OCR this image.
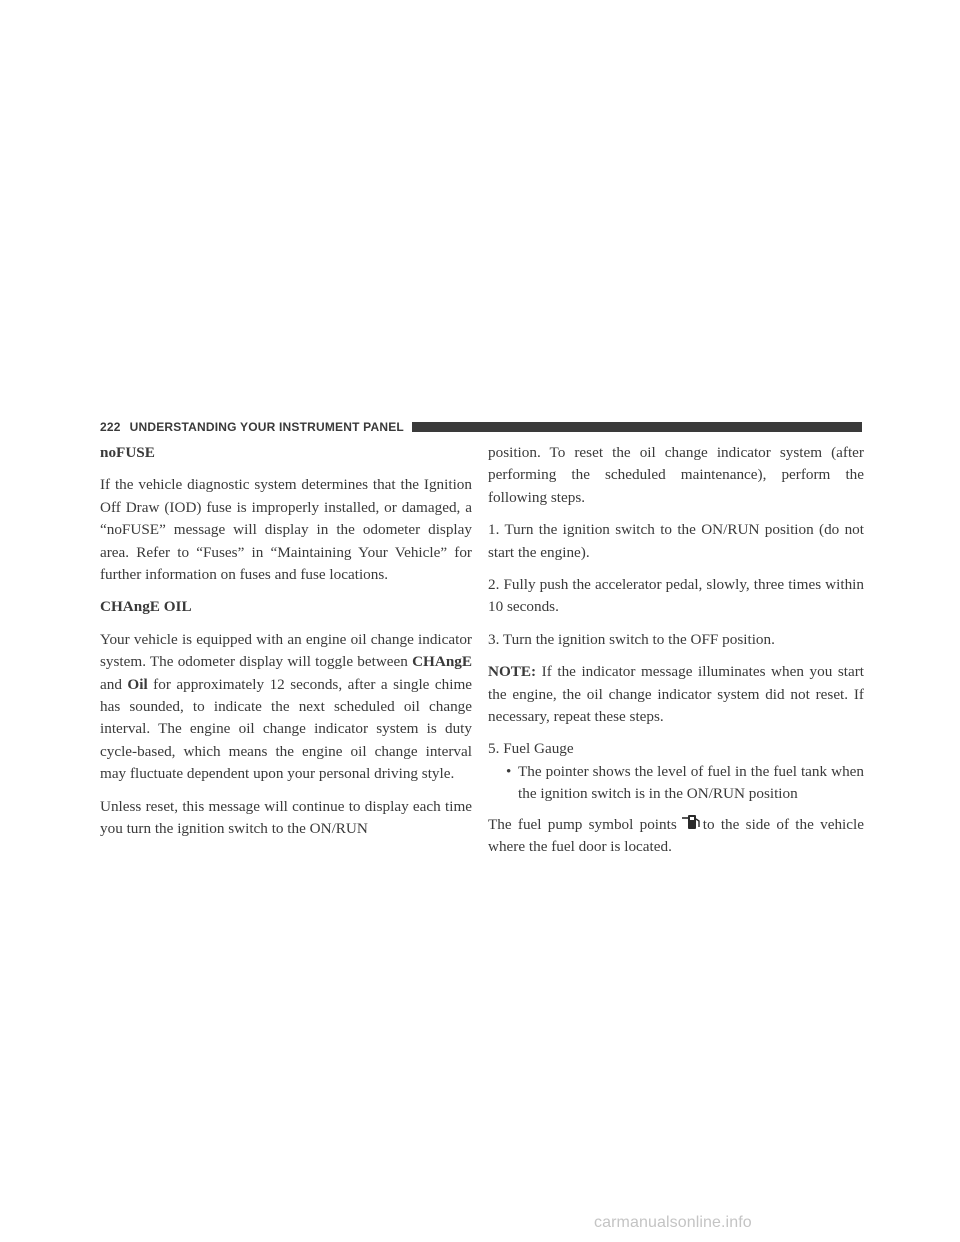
222 UNDERSTANDING YOUR INSTRUMENT PANEL
noFUSE

If the vehicle diagnostic system determines that the Ignition Off Draw (IOD) fuse is improperly installed, or damaged, a “noFUSE” message will display in the odometer display area. Refer to “Fuses” in “Maintaining Your Vehicle” for further information on fuses and fuse locations.

CHAngE OIL

Your vehicle is equipped with an engine oil change indicator system. The odometer display will toggle between CHAngE and Oil for approximately 12 seconds, after a single chime has sounded, to indicate the next scheduled oil change interval. The engine oil change indicator system is duty cycle-based, which means the engine oil change interval may fluctuate dependent upon your personal driving style.

Unless reset, this message will continue to display each time you turn the ignition switch to the ON/RUN

position. To reset the oil change indicator system (after performing the scheduled maintenance), perform the following steps.

1. Turn the ignition switch to the ON/RUN position (do not start the engine).

2. Fully push the accelerator pedal, slowly, three times within 10 seconds.

3. Turn the ignition switch to the OFF position.

NOTE: If the indicator message illuminates when you start the engine, the oil change indicator system did not reset. If necessary, repeat these steps.

5. Fuel Gauge

• The pointer shows the level of fuel in the fuel tank when the ignition switch is in the ON/RUN position

The fuel pump symbol points to the side of the vehicle where the fuel door is located.

carmanualsonline.info
